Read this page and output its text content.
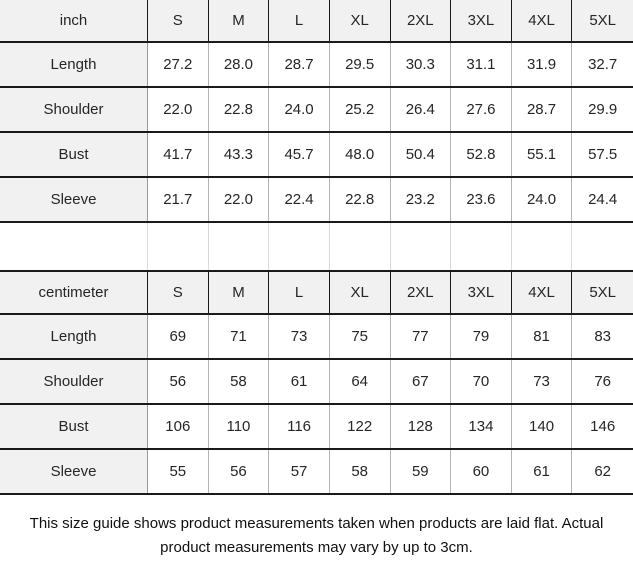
inch	S	M	L	XL	2XL	3XL	4XL	5XL
Length	27.2	28.0	28.7	29.5	30.3	31.1	31.9	32.7
Shoulder	22.0	22.8	24.0	25.2	26.4	27.6	28.7	29.9
Bust	41.7	43.3	45.7	48.0	50.4	52.8	55.1	57.5
Sleeve	21.7	22.0	22.4	22.8	23.2	23.6	24.0	24.4
centimeter	S	M	L	XL	2XL	3XL	4XL	5XL
Length	69	71	73	75	77	79	81	83
Shoulder	56	58	61	64	67	70	73	76
Bust	106	110	116	122	128	134	140	146
Sleeve	55	56	57	58	59	60	61	62

This size guide shows product measurements taken when products are laid flat. Actual product measurements may vary by up to 3cm.
